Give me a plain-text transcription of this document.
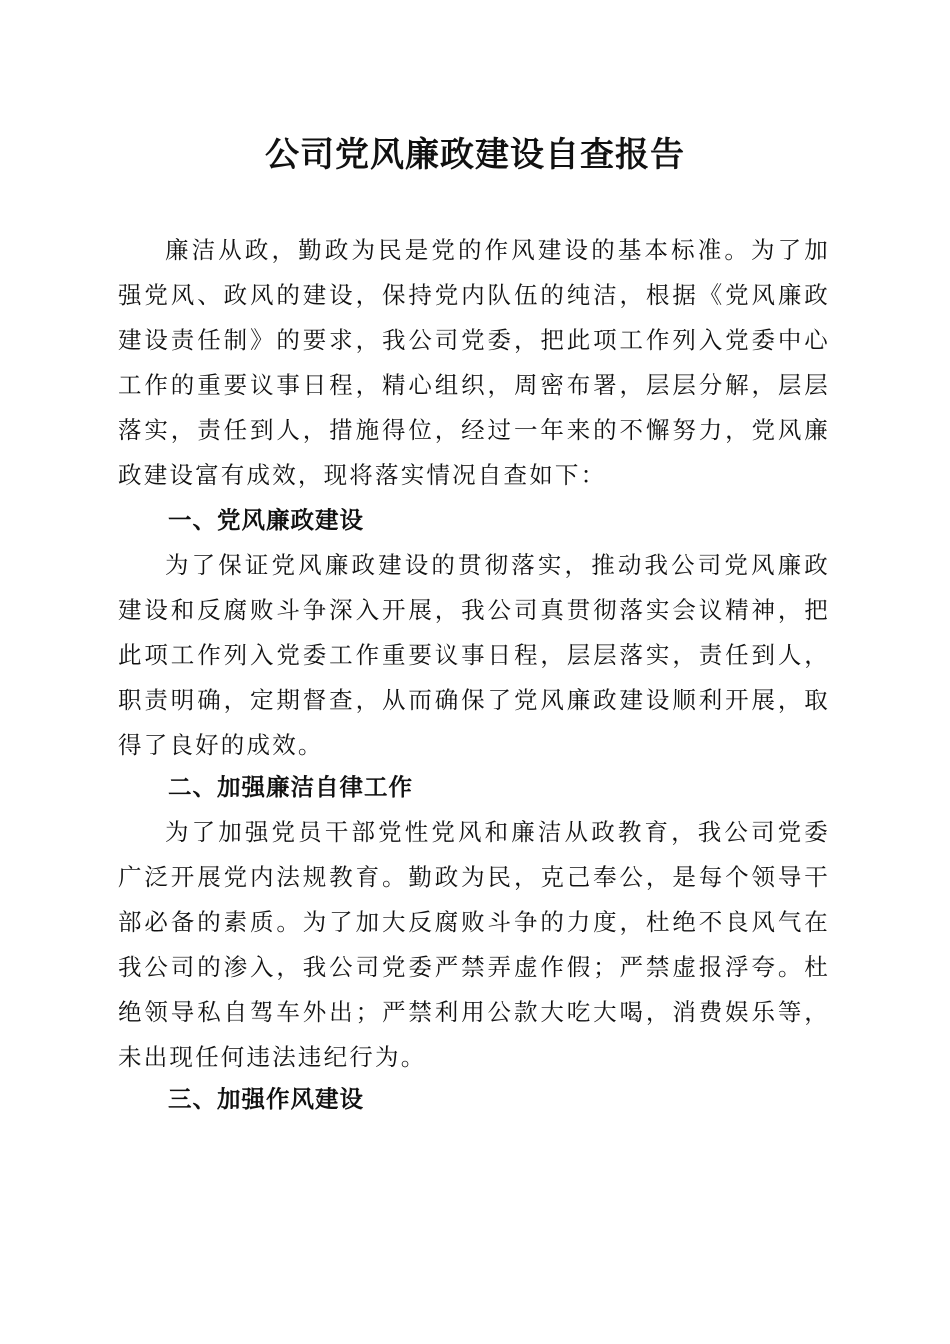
公司党风廉政建设自查报告

廉洁从政，勤政为民是党的作风建设的基本标准。为了加强党风、政风的建设，保持党内队伍的纯洁，根据《党风廉政建设责任制》的要求，我公司党委，把此项工作列入党委中心工作的重要议事日程，精心组织，周密布署，层层分解，层层落实，责任到人，措施得位，经过一年来的不懈努力，党风廉政建设富有成效，现将落实情况自查如下：

一、党风廉政建设

为了保证党风廉政建设的贯彻落实，推动我公司党风廉政建设和反腐败斗争深入开展，我公司真贯彻落实会议精神，把此项工作列入党委工作重要议事日程，层层落实，责任到人，职责明确，定期督查，从而确保了党风廉政建设顺利开展，取得了良好的成效。

二、加强廉洁自律工作

为了加强党员干部党性党风和廉洁从政教育，我公司党委广泛开展党内法规教育。勤政为民，克己奉公，是每个领导干部必备的素质。为了加大反腐败斗争的力度，杜绝不良风气在我公司的渗入，我公司党委严禁弄虚作假；严禁虚报浮夸。杜绝领导私自驾车外出；严禁利用公款大吃大喝，消费娱乐等，未出现任何违法违纪行为。

三、加强作风建设
